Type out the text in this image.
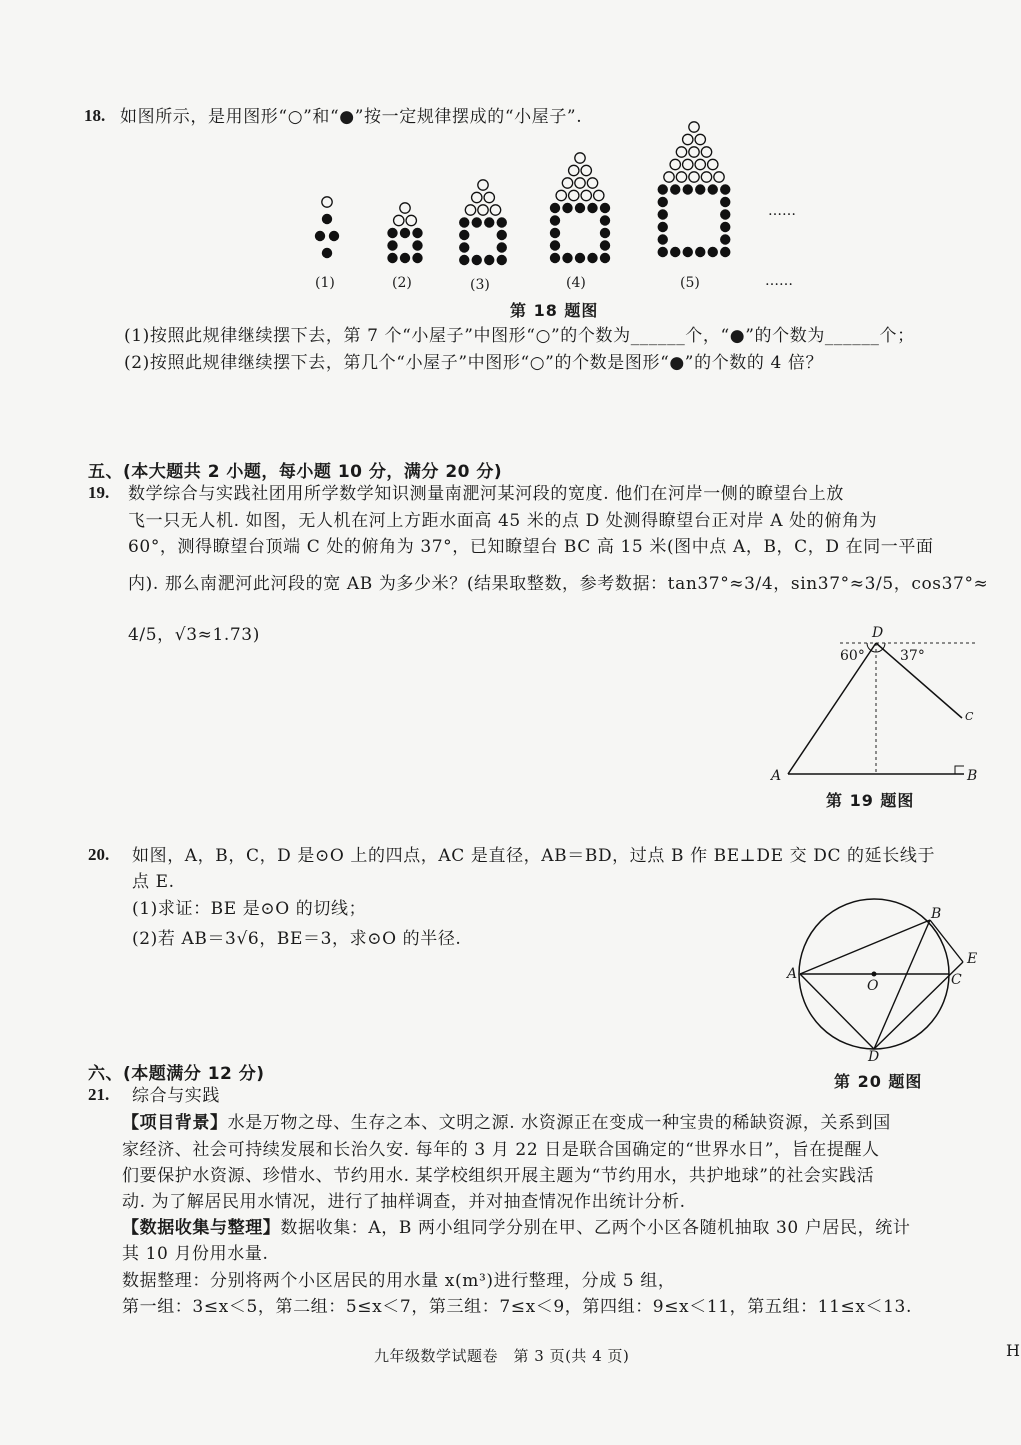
18. 如图所示，是用图形“○”和“●”按一定规律摆成的“小屋子”.
(1)	(2)	(3)	(4)	(5)
……
……
第 18 题图
(1)按照此规律继续摆下去，第 7 个“小屋子”中图形“○”的个数为______个，“●”的个数为______个；
(2)按照此规律继续摆下去，第几个“小屋子”中图形“○”的个数是图形“●”的个数的 4 倍？
五、(本大题共 2 小题，每小题 10 分，满分 20 分)
19. 数学综合与实践社团用所学数学知识测量南淝河某河段的宽度. 他们在河岸一侧的瞭望台上放
飞一只无人机. 如图，无人机在河上方距水面高 45 米的点 D 处测得瞭望台正对岸 A 处的俯角为
60°，测得瞭望台顶端 C 处的俯角为 37°，已知瞭望台 BC 高 15 米(图中点 A，B，C，D 在同一平面
内). 那么南淝河此河段的宽 AB 为多少米？(结果取整数，参考数据：tan37°≈3/4，sin37°≈3/5，cos37°≈
4/5，√3≈1.73)	D
60°	37°
C
A	B
第 19 题图
20. 如图，A，B，C，D 是⊙O 上的四点，AC 是直径，AB＝BD，过点 B 作 BE⊥DE 交 DC 的延长线于
点 E.
(1)求证：BE 是⊙O 的切线；
(2)若 AB＝3√6，BE＝3，求⊙O 的半径.
B
E
A	C
O
D
第 20 题图
六、(本题满分 12 分)
21. 综合与实践
【项目背景】水是万物之母、生存之本、文明之源. 水资源正在变成一种宝贵的稀缺资源，关系到国
家经济、社会可持续发展和长治久安. 每年的 3 月 22 日是联合国确定的“世界水日”，旨在提醒人
们要保护水资源、珍惜水、节约用水. 某学校组织开展主题为“节约用水，共护地球”的社会实践活
动. 为了解居民用水情况，进行了抽样调查，并对抽查情况作出统计分析.
【数据收集与整理】数据收集：A，B 两小组同学分别在甲、乙两个小区各随机抽取 30 户居民，统计
其 10 月份用水量.
数据整理：分别将两个小区居民的用水量 x(m³)进行整理，分成 5 组，
第一组：3≤x＜5，第二组：5≤x＜7，第三组：7≤x＜9，第四组：9≤x＜11，第五组：11≤x＜13.
九年级数学试题卷　第 3 页(共 4 页)	H
